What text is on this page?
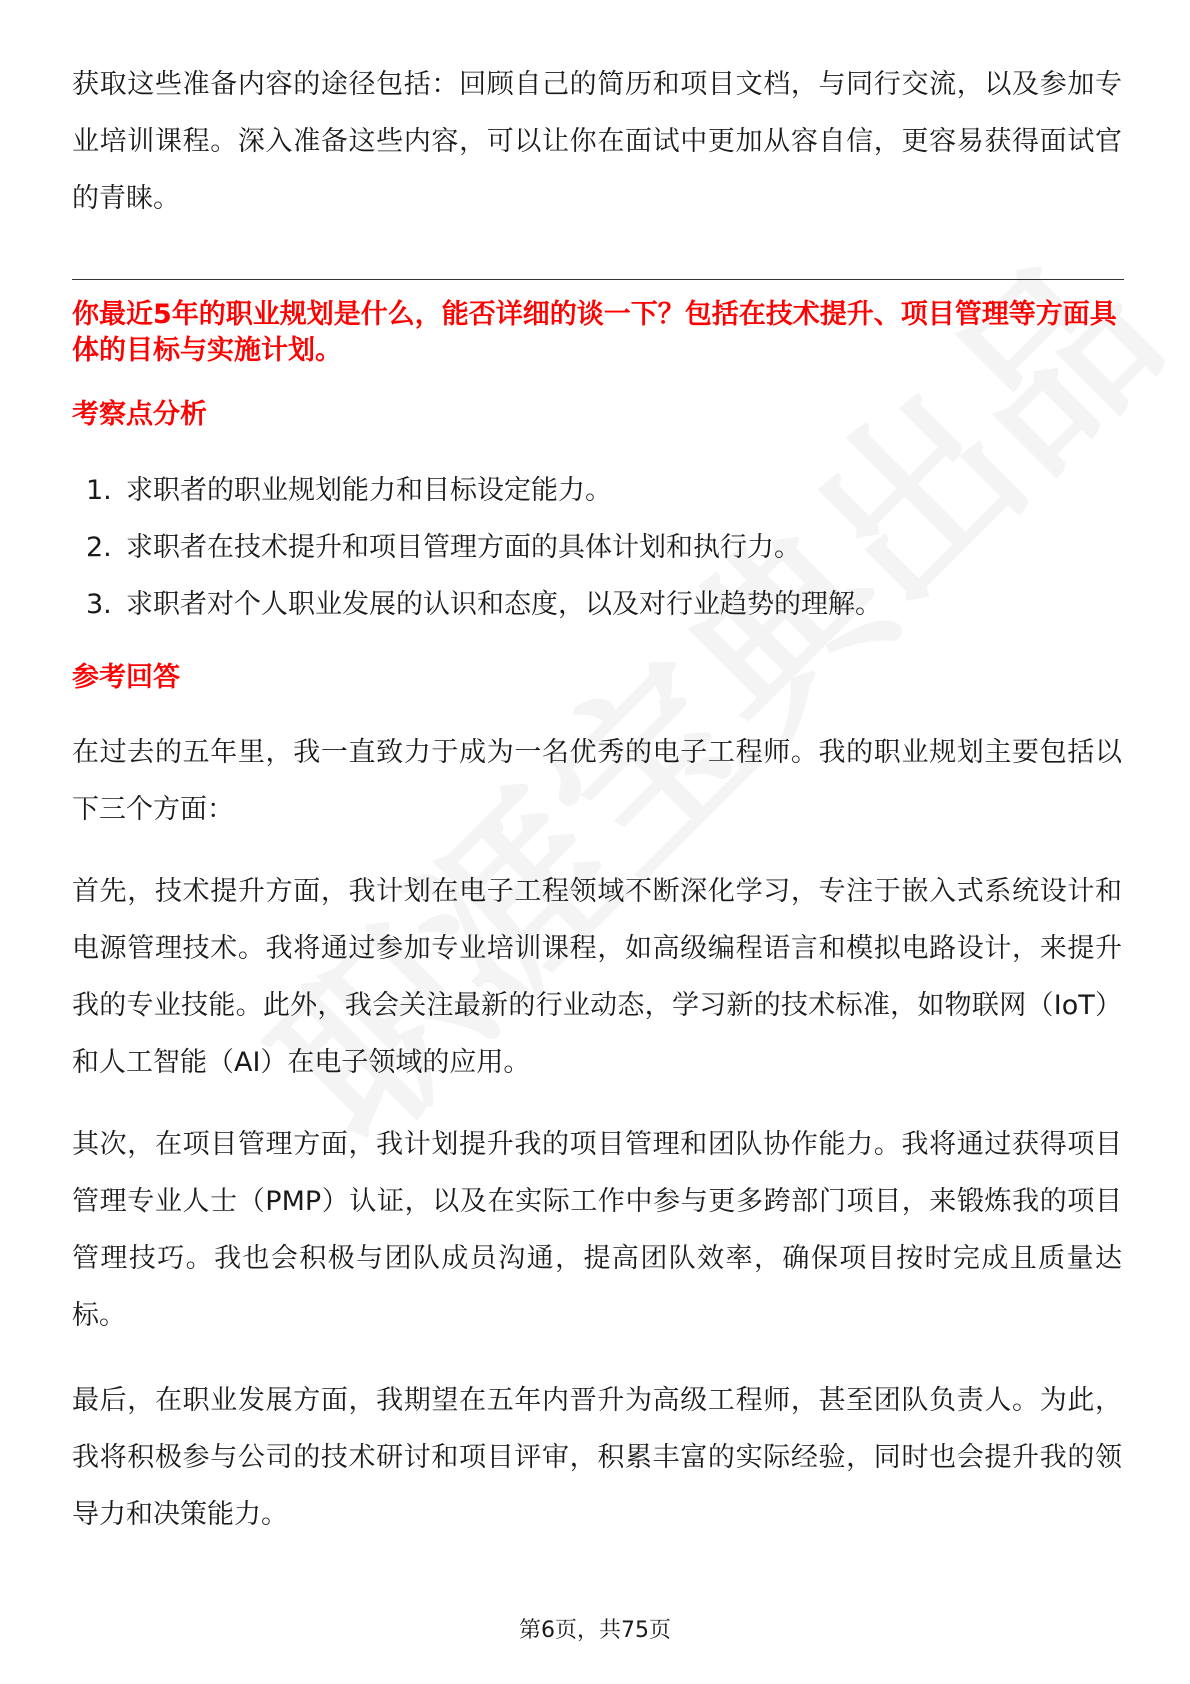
获取这些准备内容的途径包括：回顾自己的简历和项目文档，与同行交流，以及参加专业培训课程。深入准备这些内容，可以让你在面试中更加从容自信，更容易获得面试官的青睐。

你最近5年的职业规划是什么，能否详细的谈一下？包括在技术提升、项目管理等方面具体的目标与实施计划。

考察点分析
1. 求职者的职业规划能力和目标设定能力。
2. 求职者在技术提升和项目管理方面的具体计划和执行力。
3. 求职者对个人职业发展的认识和态度，以及对行业趋势的理解。
参考回答

在过去的五年里，我一直致力于成为一名优秀的电子工程师。我的职业规划主要包括以下三个方面：

首先，技术提升方面，我计划在电子工程领域不断深化学习，专注于嵌入式系统设计和电源管理技术。我将通过参加专业培训课程，如高级编程语言和模拟电路设计，来提升我的专业技能。此外，我会关注最新的行业动态，学习新的技术标准，如物联网（IoT）和人工智能（AI）在电子领域的应用。

其次，在项目管理方面，我计划提升我的项目管理和团队协作能力。我将通过获得项目管理专业人士（PMP）认证，以及在实际工作中参与更多跨部门项目，来锻炼我的项目管理技巧。我也会积极与团队成员沟通，提高团队效率，确保项目按时完成且质量达标。

最后，在职业发展方面，我期望在五年内晋升为高级工程师，甚至团队负责人。为此，我将积极参与公司的技术研讨和项目评审，积累丰富的实际经验，同时也会提升我的领导力和决策能力。

第6页，共75页
